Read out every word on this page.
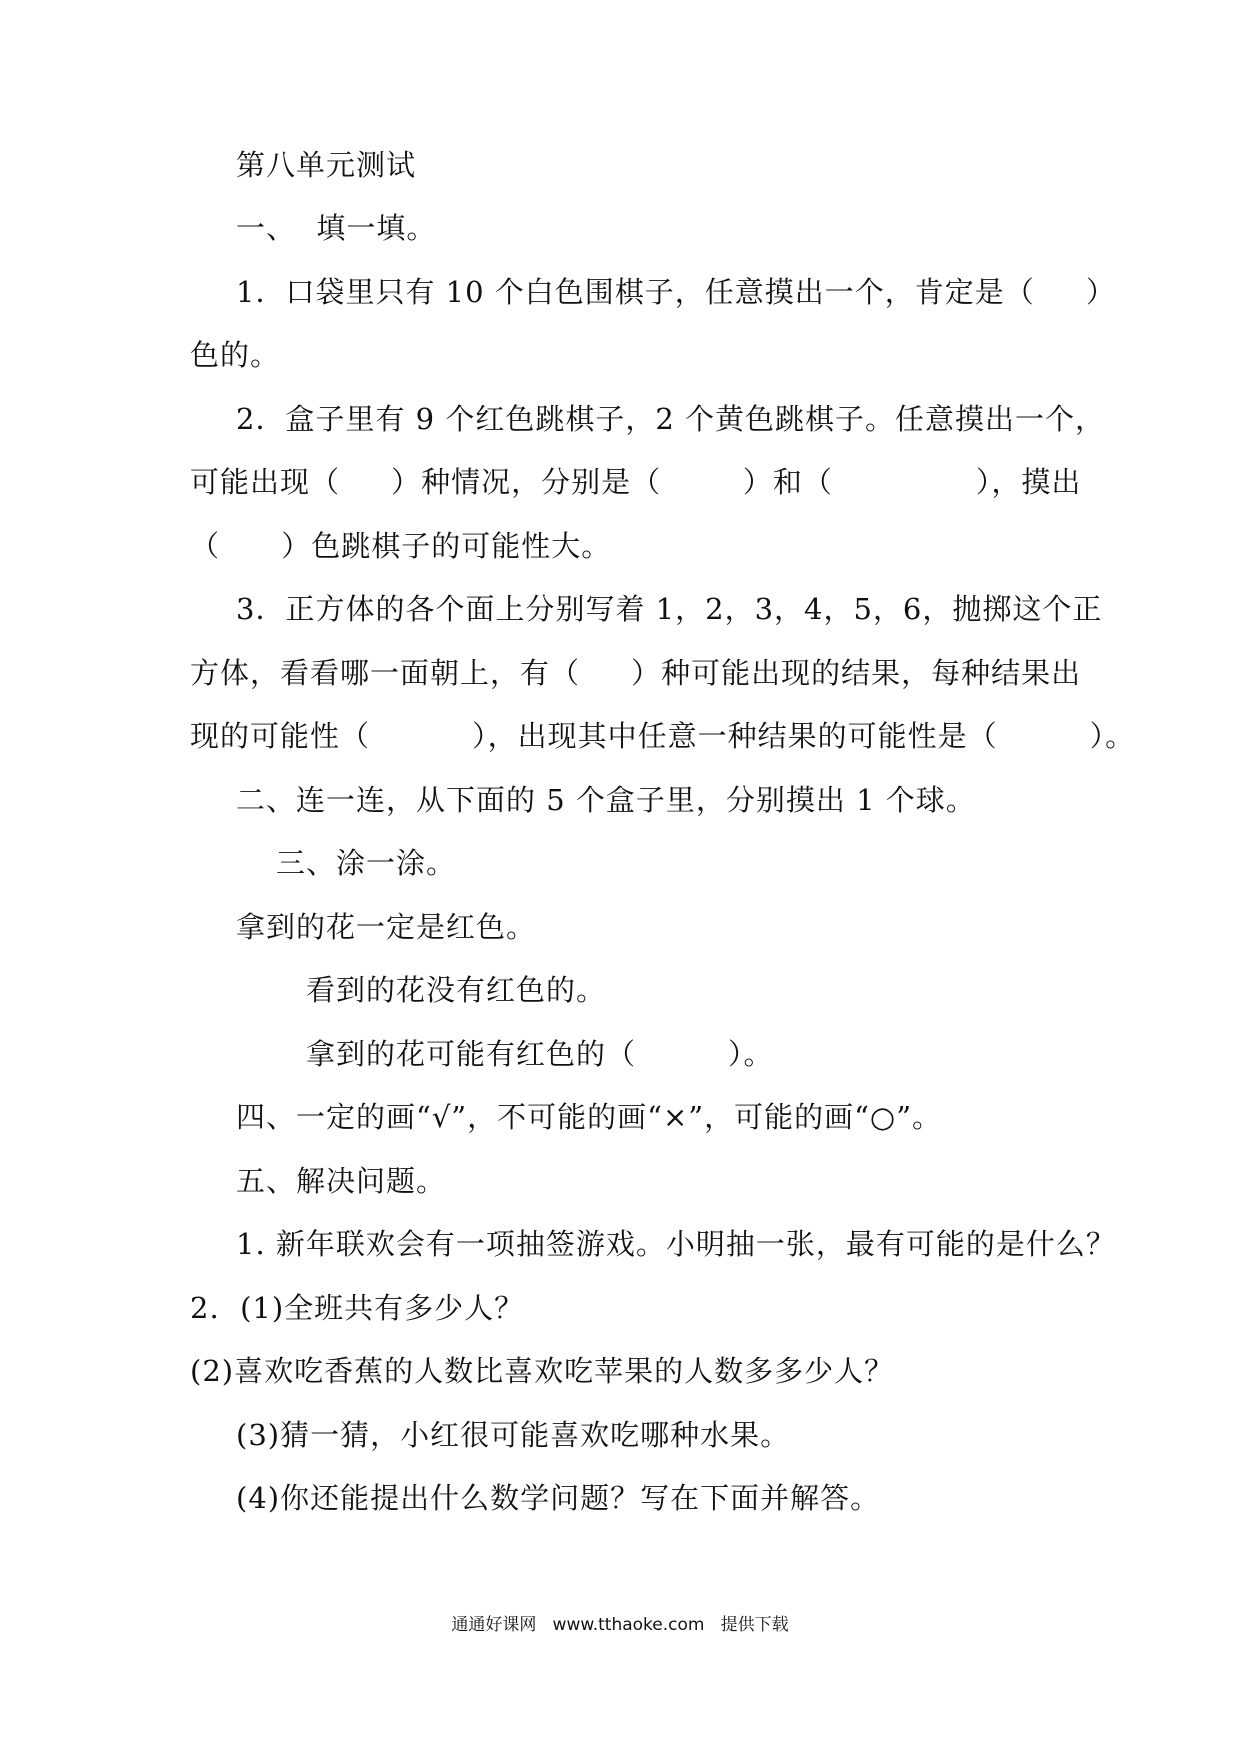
第八单元测试
一、  填一填。
1．口袋里只有 10 个白色围棋子，任意摸出一个，肯定是（     ）
色的。
2．盒子里有 9 个红色跳棋子，2 个黄色跳棋子。任意摸出一个，
可能出现（     ）种情况，分别是（        ）和（              ），摸出
（      ）色跳棋子的可能性大。
3．正方体的各个面上分别写着 1，2，3，4，5，6，抛掷这个正
方体，看看哪一面朝上，有（     ）种可能出现的结果，每种结果出
现的可能性（          ），出现其中任意一种结果的可能性是（         ）。
二、连一连，从下面的 5 个盒子里，分别摸出 1 个球。
三、涂一涂。
拿到的花一定是红色。
看到的花没有红色的。
拿到的花可能有红色的（         ）。
四、一定的画“√”，不可能的画“×”，可能的画“○”。
五、解决问题。
1. 新年联欢会有一项抽签游戏。小明抽一张，最有可能的是什么？
2.  (1)全班共有多少人？
(2)喜欢吃香蕉的人数比喜欢吃苹果的人数多多少人？
(3)猜一猜，小红很可能喜欢吃哪种水果。
(4)你还能提出什么数学问题？写在下面并解答。
通通好课网   www.tthaoke.com   提供下载
